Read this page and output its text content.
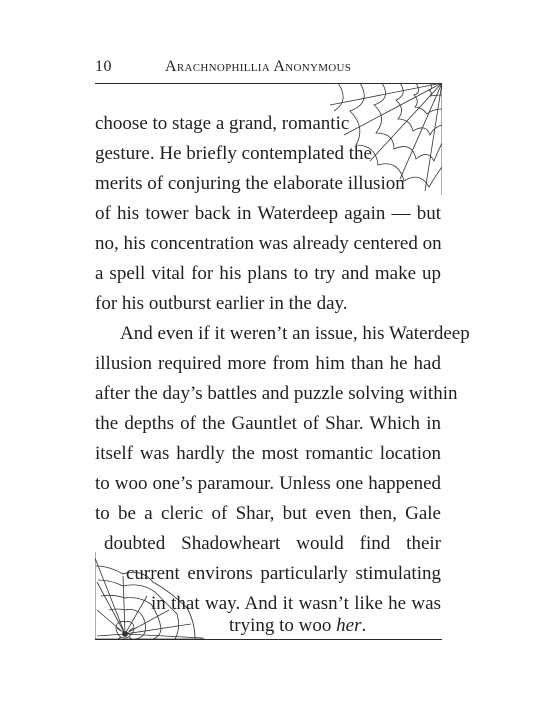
10	Arachnophillia Anonymous
choose to stage a grand, romantic
gesture. He briefly contemplated the
merits of conjuring the elaborate illusion
of his tower back in Waterdeep again — but
no, his concentration was already centered on
a spell vital for his plans to try and make up
for his outburst earlier in the day.
And even if it weren’t an issue, his Waterdeep
illusion required more from him than he had
after the day’s battles and puzzle solving within
the depths of the Gauntlet of Shar. Which in
itself was hardly the most romantic location
to woo one’s paramour. Unless one happened
to be a cleric of Shar, but even then, Gale
doubted Shadowheart would find their
current environs particularly stimulating
in that way. And it wasn’t like he was
trying to woo her.
